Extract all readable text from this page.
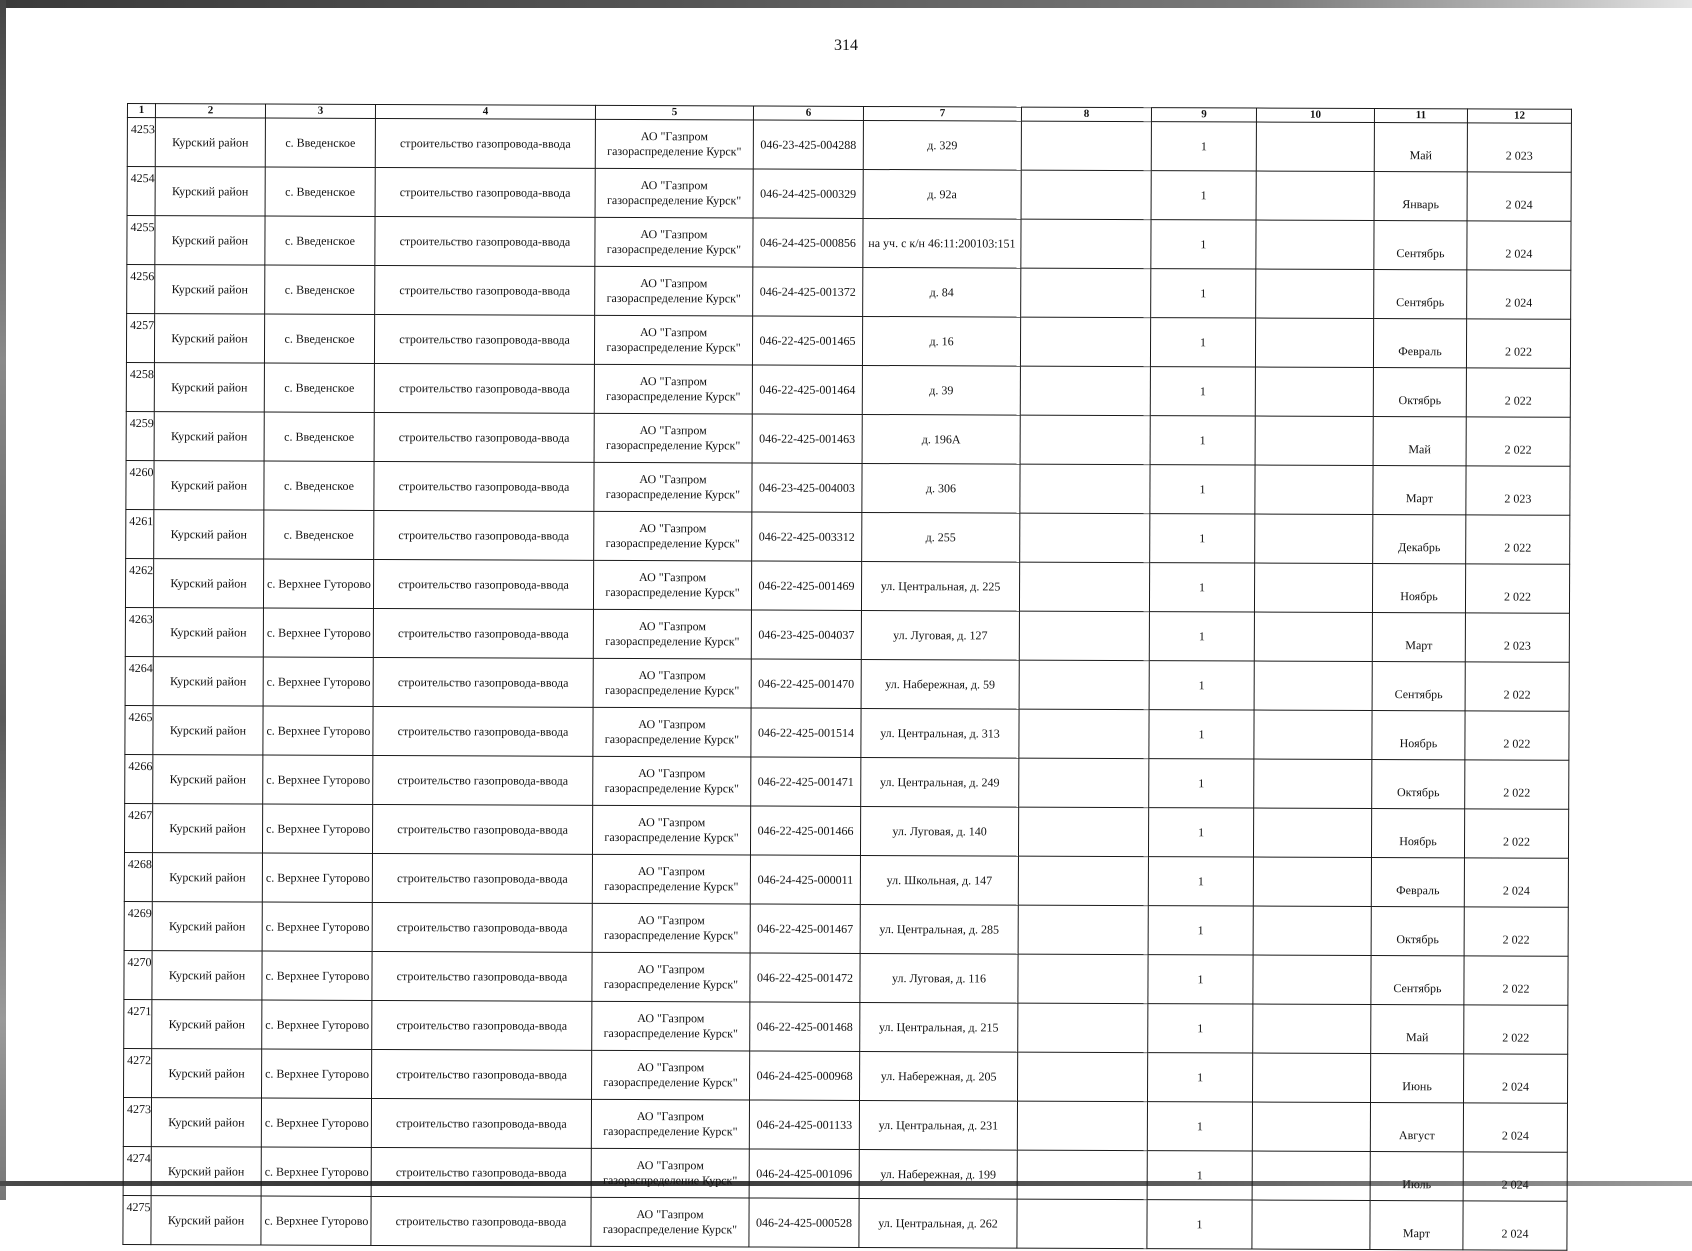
314
1	2	3	4	5	6	7	8	9	10	11	12
4253	Курский район	с. Введенское	строительство газопровода-ввода	АО "Газпром
газораспределение Курск"	046-23-425-004288	д. 329		1		Май	2 023
4254	Курский район	с. Введенское	строительство газопровода-ввода	АО "Газпром
газораспределение Курск"	046-24-425-000329	д. 92а		1		Январь	2 024
4255	Курский район	с. Введенское	строительство газопровода-ввода	АО "Газпром
газораспределение Курск"	046-24-425-000856	на уч. с к/н 46:11:200103:151		1		Сентябрь	2 024
4256	Курский район	с. Введенское	строительство газопровода-ввода	АО "Газпром
газораспределение Курск"	046-24-425-001372	д. 84		1		Сентябрь	2 024
4257	Курский район	с. Введенское	строительство газопровода-ввода	АО "Газпром
газораспределение Курск"	046-22-425-001465	д. 16		1		Февраль	2 022
4258	Курский район	с. Введенское	строительство газопровода-ввода	АО "Газпром
газораспределение Курск"	046-22-425-001464	д. 39		1		Октябрь	2 022
4259	Курский район	с. Введенское	строительство газопровода-ввода	АО "Газпром
газораспределение Курск"	046-22-425-001463	д. 196А		1		Май	2 022
4260	Курский район	с. Введенское	строительство газопровода-ввода	АО "Газпром
газораспределение Курск"	046-23-425-004003	д. 306		1		Март	2 023
4261	Курский район	с. Введенское	строительство газопровода-ввода	АО "Газпром
газораспределение Курск"	046-22-425-003312	д. 255		1		Декабрь	2 022
4262	Курский район	с. Верхнее Гуторово	строительство газопровода-ввода	АО "Газпром
газораспределение Курск"	046-22-425-001469	ул. Центральная, д. 225		1		Ноябрь	2 022
4263	Курский район	с. Верхнее Гуторово	строительство газопровода-ввода	АО "Газпром
газораспределение Курск"	046-23-425-004037	ул. Луговая, д. 127		1		Март	2 023
4264	Курский район	с. Верхнее Гуторово	строительство газопровода-ввода	АО "Газпром
газораспределение Курск"	046-22-425-001470	ул. Набережная, д. 59		1		Сентябрь	2 022
4265	Курский район	с. Верхнее Гуторово	строительство газопровода-ввода	АО "Газпром
газораспределение Курск"	046-22-425-001514	ул. Центральная, д. 313		1		Ноябрь	2 022
4266	Курский район	с. Верхнее Гуторово	строительство газопровода-ввода	АО "Газпром
газораспределение Курск"	046-22-425-001471	ул. Центральная, д. 249		1		Октябрь	2 022
4267	Курский район	с. Верхнее Гуторово	строительство газопровода-ввода	АО "Газпром
газораспределение Курск"	046-22-425-001466	ул. Луговая, д. 140		1		Ноябрь	2 022
4268	Курский район	с. Верхнее Гуторово	строительство газопровода-ввода	АО "Газпром
газораспределение Курск"	046-24-425-000011	ул. Школьная, д. 147		1		Февраль	2 024
4269	Курский район	с. Верхнее Гуторово	строительство газопровода-ввода	АО "Газпром
газораспределение Курск"	046-22-425-001467	ул. Центральная, д. 285		1		Октябрь	2 022
4270	Курский район	с. Верхнее Гуторово	строительство газопровода-ввода	АО "Газпром
газораспределение Курск"	046-22-425-001472	ул. Луговая, д. 116		1		Сентябрь	2 022
4271	Курский район	с. Верхнее Гуторово	строительство газопровода-ввода	АО "Газпром
газораспределение Курск"	046-22-425-001468	ул. Центральная, д. 215		1		Май	2 022
4272	Курский район	с. Верхнее Гуторово	строительство газопровода-ввода	АО "Газпром
газораспределение Курск"	046-24-425-000968	ул. Набережная, д. 205		1		Июнь	2 024
4273	Курский район	с. Верхнее Гуторово	строительство газопровода-ввода	АО "Газпром
газораспределение Курск"	046-24-425-001133	ул. Центральная, д. 231		1		Август	2 024
4274	Курский район	с. Верхнее Гуторово	строительство газопровода-ввода	АО "Газпром
газораспределение Курск"	046-24-425-001096	ул. Набережная, д. 199		1		Июль	2 024
4275	Курский район	с. Верхнее Гуторово	строительство газопровода-ввода	АО "Газпром
газораспределение Курск"	046-24-425-000528	ул. Центральная, д. 262		1		Март	2 024
